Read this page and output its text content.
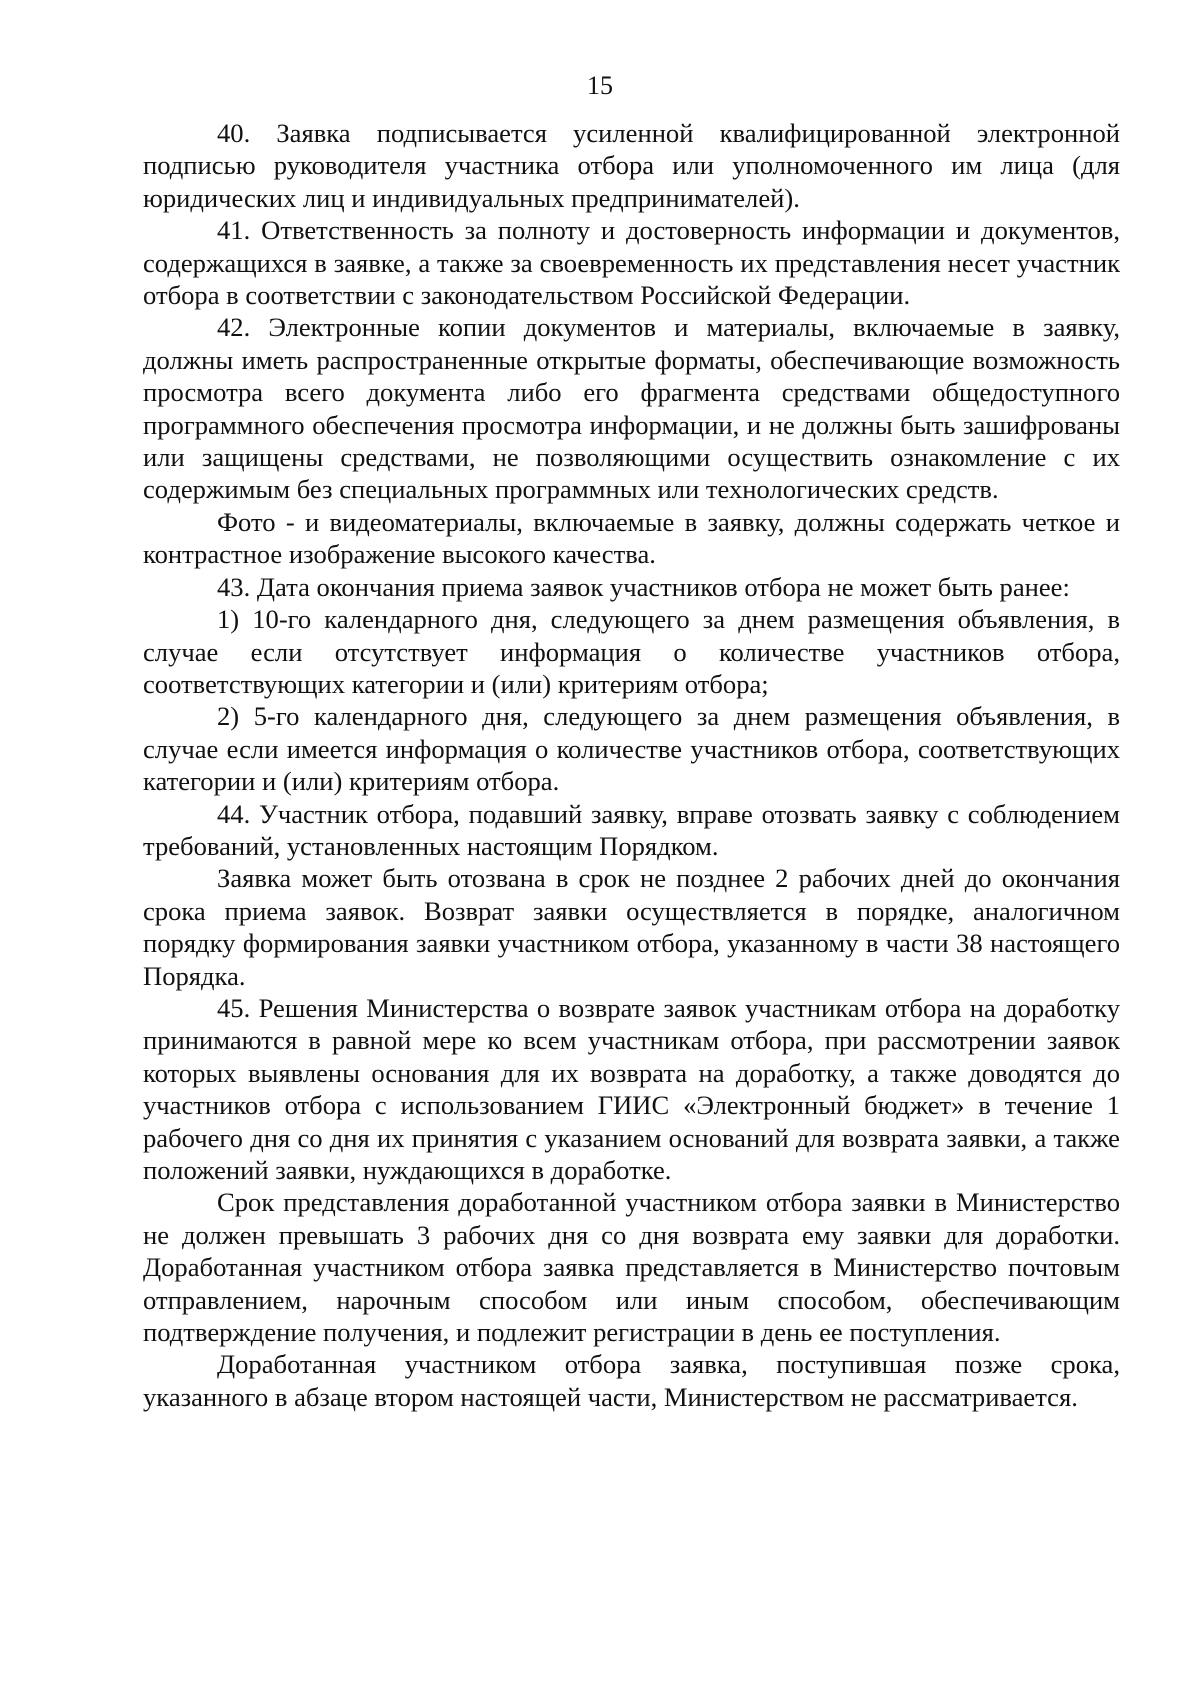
15

40. Заявка подписывается усиленной квалифицированной электронной подписью руководителя участника отбора или уполномоченного им лица (для юридических лиц и индивидуальных предпринимателей).

41. Ответственность за полноту и достоверность информации и документов, содержащихся в заявке, а также за своевременность их представления несет участник отбора в соответствии с законодательством Российской Федерации.

42. Электронные копии документов и материалы, включаемые в заявку, должны иметь распространенные открытые форматы, обеспечивающие возможность просмотра всего документа либо его фрагмента средствами общедоступного программного обеспечения просмотра информации, и не должны быть зашифрованы или защищены средствами, не позволяющими осуществить ознакомление с их содержимым без специальных программных или технологических средств.

Фото - и видеоматериалы, включаемые в заявку, должны содержать четкое и контрастное изображение высокого качества.

43. Дата окончания приема заявок участников отбора не может быть ранее:

1) 10-го календарного дня, следующего за днем размещения объявления, в случае если отсутствует информация о количестве участников отбора, соответствующих категории и (или) критериям отбора;

2) 5-го календарного дня, следующего за днем размещения объявления, в случае если имеется информация о количестве участников отбора, соответствующих категории и (или) критериям отбора.

44. Участник отбора, подавший заявку, вправе отозвать заявку с соблюдением требований, установленных настоящим Порядком.

Заявка может быть отозвана в срок не позднее 2 рабочих дней до окончания срока приема заявок. Возврат заявки осуществляется в порядке, аналогичном порядку формирования заявки участником отбора, указанному в части 38 настоящего Порядка.

45. Решения Министерства о возврате заявок участникам отбора на доработку принимаются в равной мере ко всем участникам отбора, при рассмотрении заявок которых выявлены основания для их возврата на доработку, а также доводятся до участников отбора с использованием ГИИС «Электронный бюджет» в течение 1 рабочего дня со дня их принятия с указанием оснований для возврата заявки, а также положений заявки, нуждающихся в доработке.

Срок представления доработанной участником отбора заявки в Министерство не должен превышать 3 рабочих дня со дня возврата ему заявки для доработки. Доработанная участником отбора заявка представляется в Министерство почтовым отправлением, нарочным способом или иным способом, обеспечивающим подтверждение получения, и подлежит регистрации в день ее поступления.

Доработанная участником отбора заявка, поступившая позже срока, указанного в абзаце втором настоящей части, Министерством не рассматривается.
